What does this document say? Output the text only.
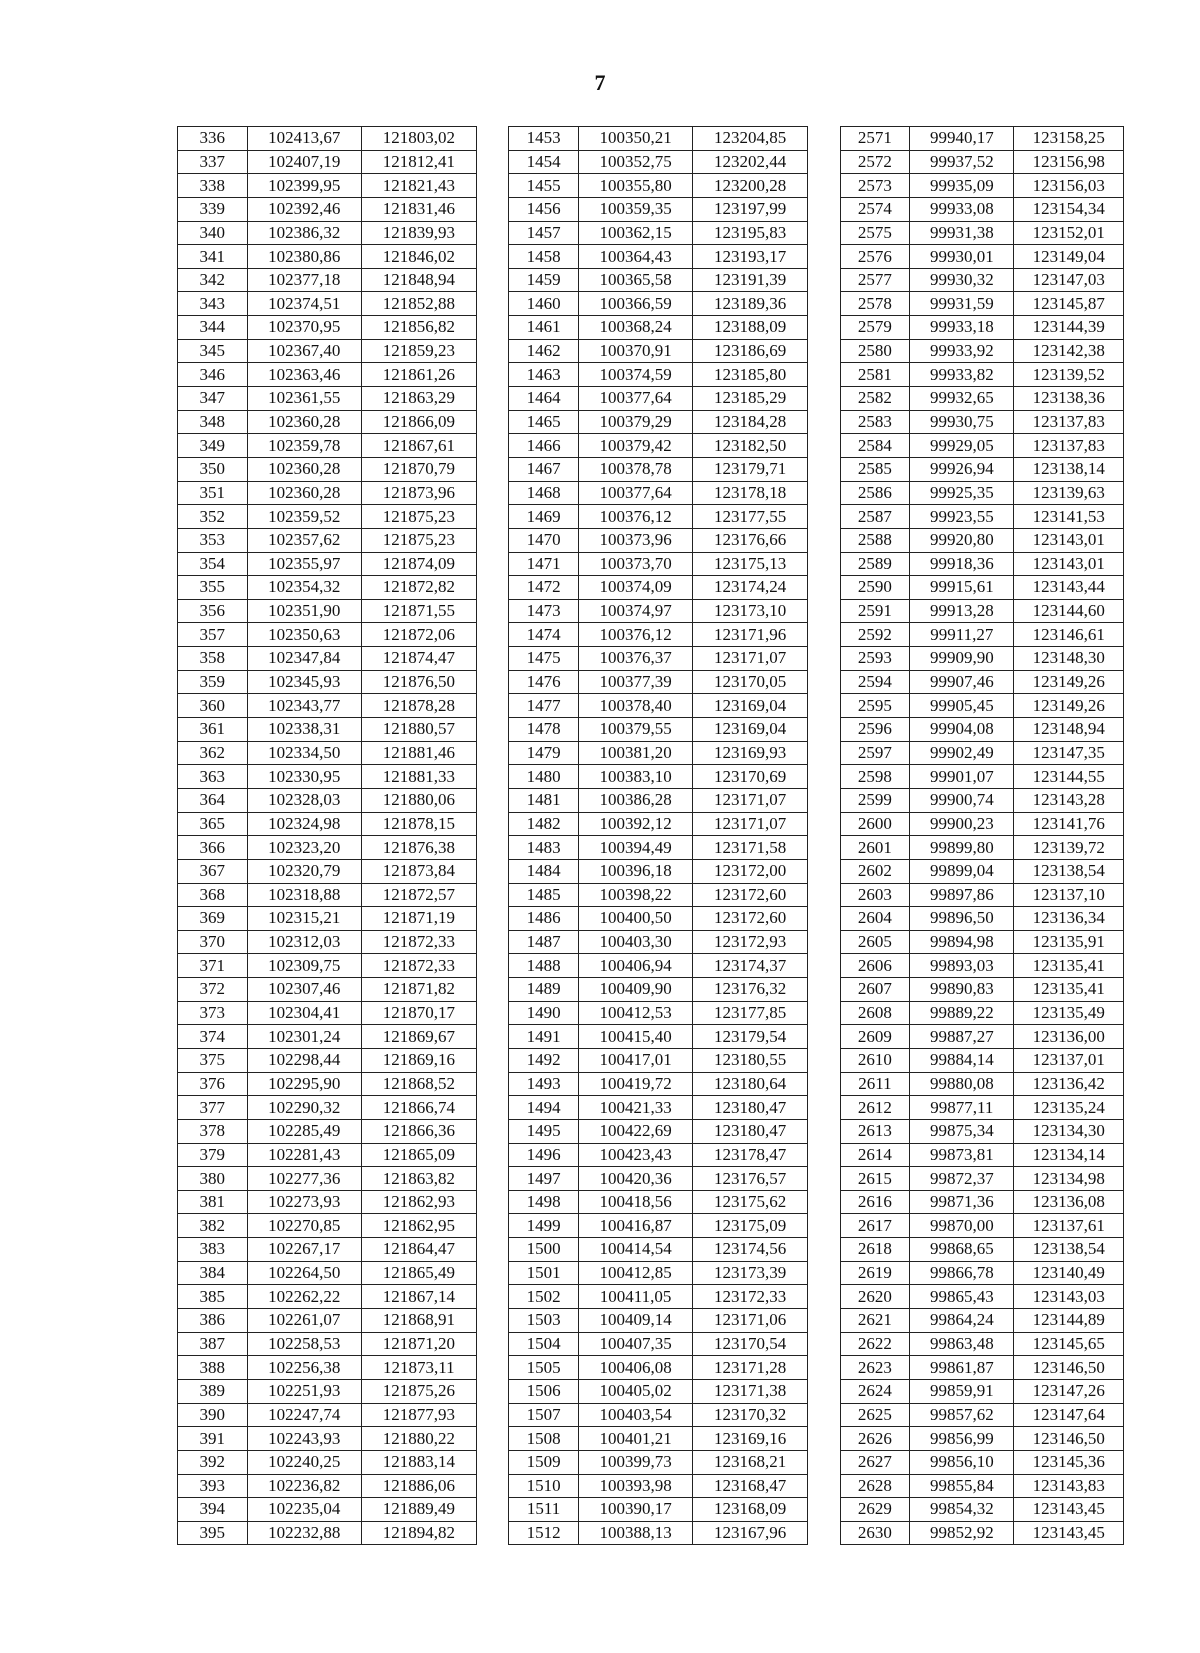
7
336	102413,67	121803,02		1453	100350,21	123204,85		2571	99940,17	123158,25
337	102407,19	121812,41		1454	100352,75	123202,44		2572	99937,52	123156,98
338	102399,95	121821,43		1455	100355,80	123200,28		2573	99935,09	123156,03
339	102392,46	121831,46		1456	100359,35	123197,99		2574	99933,08	123154,34
340	102386,32	121839,93		1457	100362,15	123195,83		2575	99931,38	123152,01
341	102380,86	121846,02		1458	100364,43	123193,17		2576	99930,01	123149,04
342	102377,18	121848,94		1459	100365,58	123191,39		2577	99930,32	123147,03
343	102374,51	121852,88		1460	100366,59	123189,36		2578	99931,59	123145,87
344	102370,95	121856,82		1461	100368,24	123188,09		2579	99933,18	123144,39
345	102367,40	121859,23		1462	100370,91	123186,69		2580	99933,92	123142,38
346	102363,46	121861,26		1463	100374,59	123185,80		2581	99933,82	123139,52
347	102361,55	121863,29		1464	100377,64	123185,29		2582	99932,65	123138,36
348	102360,28	121866,09		1465	100379,29	123184,28		2583	99930,75	123137,83
349	102359,78	121867,61		1466	100379,42	123182,50		2584	99929,05	123137,83
350	102360,28	121870,79		1467	100378,78	123179,71		2585	99926,94	123138,14
351	102360,28	121873,96		1468	100377,64	123178,18		2586	99925,35	123139,63
352	102359,52	121875,23		1469	100376,12	123177,55		2587	99923,55	123141,53
353	102357,62	121875,23		1470	100373,96	123176,66		2588	99920,80	123143,01
354	102355,97	121874,09		1471	100373,70	123175,13		2589	99918,36	123143,01
355	102354,32	121872,82		1472	100374,09	123174,24		2590	99915,61	123143,44
356	102351,90	121871,55		1473	100374,97	123173,10		2591	99913,28	123144,60
357	102350,63	121872,06		1474	100376,12	123171,96		2592	99911,27	123146,61
358	102347,84	121874,47		1475	100376,37	123171,07		2593	99909,90	123148,30
359	102345,93	121876,50		1476	100377,39	123170,05		2594	99907,46	123149,26
360	102343,77	121878,28		1477	100378,40	123169,04		2595	99905,45	123149,26
361	102338,31	121880,57		1478	100379,55	123169,04		2596	99904,08	123148,94
362	102334,50	121881,46		1479	100381,20	123169,93		2597	99902,49	123147,35
363	102330,95	121881,33		1480	100383,10	123170,69		2598	99901,07	123144,55
364	102328,03	121880,06		1481	100386,28	123171,07		2599	99900,74	123143,28
365	102324,98	121878,15		1482	100392,12	123171,07		2600	99900,23	123141,76
366	102323,20	121876,38		1483	100394,49	123171,58		2601	99899,80	123139,72
367	102320,79	121873,84		1484	100396,18	123172,00		2602	99899,04	123138,54
368	102318,88	121872,57		1485	100398,22	123172,60		2603	99897,86	123137,10
369	102315,21	121871,19		1486	100400,50	123172,60		2604	99896,50	123136,34
370	102312,03	121872,33		1487	100403,30	123172,93		2605	99894,98	123135,91
371	102309,75	121872,33		1488	100406,94	123174,37		2606	99893,03	123135,41
372	102307,46	121871,82		1489	100409,90	123176,32		2607	99890,83	123135,41
373	102304,41	121870,17		1490	100412,53	123177,85		2608	99889,22	123135,49
374	102301,24	121869,67		1491	100415,40	123179,54		2609	99887,27	123136,00
375	102298,44	121869,16		1492	100417,01	123180,55		2610	99884,14	123137,01
376	102295,90	121868,52		1493	100419,72	123180,64		2611	99880,08	123136,42
377	102290,32	121866,74		1494	100421,33	123180,47		2612	99877,11	123135,24
378	102285,49	121866,36		1495	100422,69	123180,47		2613	99875,34	123134,30
379	102281,43	121865,09		1496	100423,43	123178,47		2614	99873,81	123134,14
380	102277,36	121863,82		1497	100420,36	123176,57		2615	99872,37	123134,98
381	102273,93	121862,93		1498	100418,56	123175,62		2616	99871,36	123136,08
382	102270,85	121862,95		1499	100416,87	123175,09		2617	99870,00	123137,61
383	102267,17	121864,47		1500	100414,54	123174,56		2618	99868,65	123138,54
384	102264,50	121865,49		1501	100412,85	123173,39		2619	99866,78	123140,49
385	102262,22	121867,14		1502	100411,05	123172,33		2620	99865,43	123143,03
386	102261,07	121868,91		1503	100409,14	123171,06		2621	99864,24	123144,89
387	102258,53	121871,20		1504	100407,35	123170,54		2622	99863,48	123145,65
388	102256,38	121873,11		1505	100406,08	123171,28		2623	99861,87	123146,50
389	102251,93	121875,26		1506	100405,02	123171,38		2624	99859,91	123147,26
390	102247,74	121877,93		1507	100403,54	123170,32		2625	99857,62	123147,64
391	102243,93	121880,22		1508	100401,21	123169,16		2626	99856,99	123146,50
392	102240,25	121883,14		1509	100399,73	123168,21		2627	99856,10	123145,36
393	102236,82	121886,06		1510	100393,98	123168,47		2628	99855,84	123143,83
394	102235,04	121889,49		1511	100390,17	123168,09		2629	99854,32	123143,45
395	102232,88	121894,82		1512	100388,13	123167,96		2630	99852,92	123143,45
